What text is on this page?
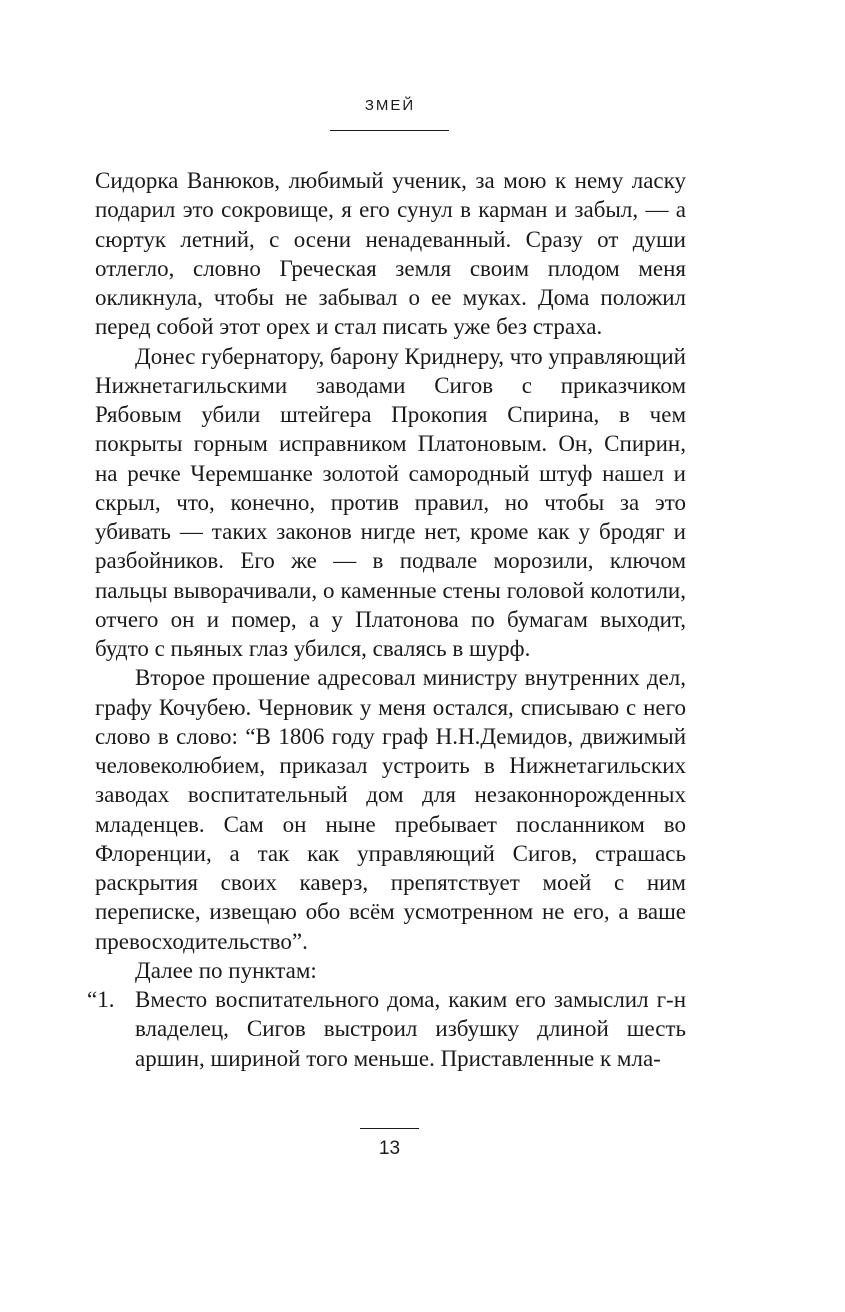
ЗМЕЙ

Сидорка Ванюков, любимый ученик, за мою к нему ласку подарил это сокровище, я его сунул в карман и забыл, — а сюртук летний, с осени ненадеванный. Сразу от души отлегло, словно Греческая земля своим плодом меня окликнула, чтобы не забывал о ее муках. Дома положил перед собой этот орех и стал писать уже без страха.

Донес губернатору, барону Криднеру, что управляющий Нижнетагильскими заводами Сигов с приказчиком Рябовым убили штейгера Прокопия Спирина, в чем покрыты горным исправником Платоновым. Он, Спирин, на речке Черемшанке золотой самородный штуф нашел и скрыл, что, конечно, против правил, но чтобы за это убивать — таких законов нигде нет, кроме как у бродяг и разбойников. Его же — в подвале морозили, ключом пальцы выворачивали, о каменные стены головой колотили, отчего он и помер, а у Платонова по бумагам выходит, будто с пьяных глаз убился, свалясь в шурф.

Второе прошение адресовал министру внутренних дел, графу Кочубею. Черновик у меня остался, списываю с него слово в слово: “В 1806 году граф Н.Н.Демидов, движимый человеколюбием, приказал устроить в Нижнетагильских заводах воспитательный дом для незаконнорожденных младенцев. Сам он ныне пребывает посланником во Флоренции, а так как управляющий Сигов, страшась раскрытия своих каверз, препятствует моей с ним переписке, извещаю обо всём усмотренном не его, а ваше превосходительство”.

Далее по пунктам:

“1. Вместо воспитательного дома, каким его замыслил г-н владелец, Сигов выстроил избушку длиной шесть аршин, шириной того меньше. Приставленные к мла-

13
